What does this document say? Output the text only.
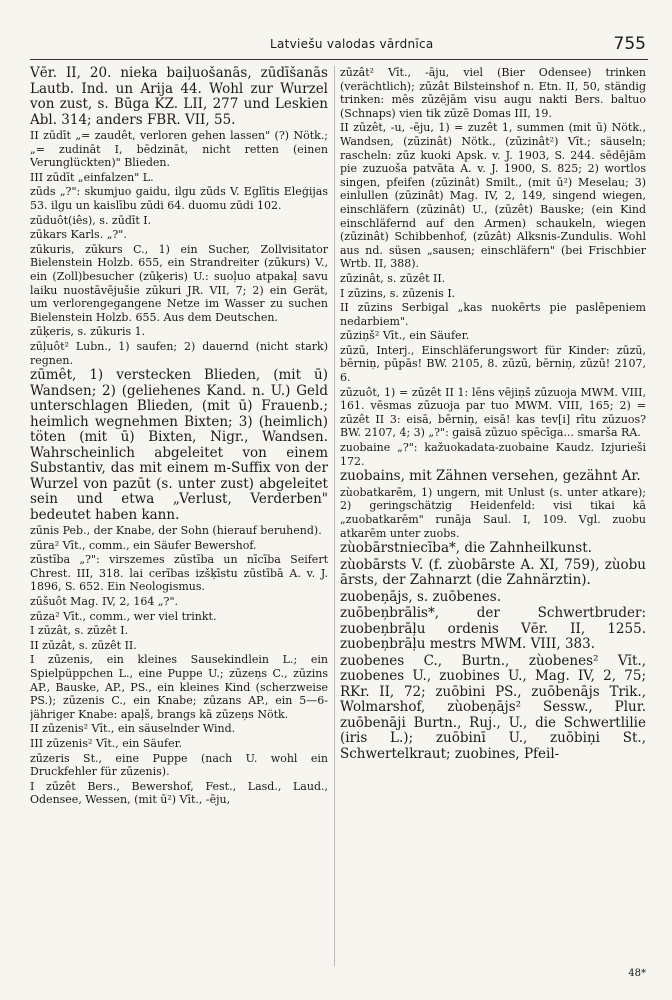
Latviešu valodas vārdnīca	755

Vēr. II, 20. nieka baiļuošanās, zūdīšanās Lautb. Ind. un Arija 44. Wohl zur Wurzel von zust, s. Būga KZ. LII, 277 und Leskien Abl. 314; anders FBR. VII, 55.

II zūdīt „= zaudêt, verloren gehen lassen" (?) Nötk.; „= zudināt I, bēdzināt, nicht retten (einen Verunglückten)" Blieden.

III zūdīt „einfalzen" L.

zūds „?": skumjuo gaidu, ilgu zūds V. Eglītis Eleģijas 53. ilgu un kaislību zūdi 64. duomu zūdi 102.

zūduôt(iês), s. zūdīt I.

zūkars Karls. „?".

zūkuris, zūkurs C., 1) ein Sucher, Zollvisitator Bielenstein Holzb. 655, ein Strandreiter (zūkurs) V., ein (Zoll)besucher (zūķeris) U.: suoļuo atpakaļ savu laiku nuostāvējušie zūkuri JR. VII, 7; 2) ein Gerät, um verlorengegangene Netze im Wasser zu suchen Bielenstein Holzb. 655. Aus dem Deutschen.

zūķeris, s. zūkuris 1.

zūļuôt² Lubn., 1) saufen; 2) dauernd (nicht stark) regnen.

zūmêt, 1) verstecken Blieden, (mit ū) Wandsen; 2) (geliehenes Kand. n. U.) Geld unterschlagen Blieden, (mit ū) Frauenb.; heimlich wegnehmen Bixten; 3) (heimlich) töten (mit ū) Bixten, Nigr., Wandsen. Wahrscheinlich abgeleitet von einem Substantiv, das mit einem m-Suffix von der Wurzel von pazūt (s. unter zust) abgeleitet sein und etwa „Verlust, Verderben" bedeutet haben kann.

zūnis Peb., der Knabe, der Sohn (hierauf beruhend).

zūra² Vīt., comm., ein Säufer Bewershof.

zūstība „?": virszemes zūstība un nīcība Seifert Chrest. III, 318. lai cerības izšķīstu zūstībā A. v. J. 1896, S. 652. Ein Neologismus.

zūšuôt Mag. IV, 2, 164 „?".

zūza² Vīt., comm., wer viel trinkt.

I zūzât, s. zūzêt I.

II zūzât, s. zūzêt II.

I zūzenis, ein kleines Sausekindlein L.; ein Spielpüppchen L., eine Puppe U.; zūzeņs C., zūzins AP., Bauske, AP., PS., ein kleines Kind (scherzweise PS.); zūzenis C., ein Knabe; zūzans AP., ein 5—6-jähriger Knabe: apaļš, brangs kā zūzeņs Nötk.

II zūzenis² Vīt., ein säuselnder Wind.

III zūzenis² Vīt., ein Säufer.

zūzeris St., eine Puppe (nach U. wohl ein Druckfehler für zūzenis).

I zūzêt Bers., Bewershof, Fest., Lasd., Laud., Odensee, Wessen, (mit ū²) Vīt., -ēju,

zūzât² Vīt., -āju, viel (Bier Odensee) trinken (verächtlich); zūzât Bilsteinshof n. Etn. II, 50, ständig trinken: mēs zūzējām visu augu nakti Bers. baltuo (Schnaps) vien tik zūzē Domas III, 19.

II zūzêt, -u, -ēju, 1) = zuzêt 1, summen (mit ū) Nötk., Wandsen, (zūzinât) Nötk., (zūzinât²) Vīt.; säuseln; rascheln: zūz kuoki Apsk. v. J. 1903, S. 244. sēdējām pie zuzuoša patvāta A. v. J. 1900, S. 825; 2) wortlos singen, pfeifen (zūzinât) Smilt., (mit ū²) Meselau; 3) einlullen (zūzinât) Mag. IV, 2, 149, singend wiegen, einschläfern (zūzinât) U., (zūzêt) Bauske; (ein Kind einschläfernd auf den Armen) schaukeln, wiegen (zūzinât) Schibbenhof, (zūzât) Alksnis-Zundulis. Wohl aus nd. süsen „sausen; einschläfern" (bei Frischbier Wrtb. II, 388).

zūzinât, s. zūzêt II.

I zūzins, s. zūzenis I.

II zūzins Serbigal „kas nuokērts pie paslēpeniem nedarbiem".

zūziņš² Vīt., ein Säufer.

zūzū, Interj., Einschläferungswort für Kinder: zūzū, bērniņ, pūpās! BW. 2105, 8. zūzū, bērniņ, zūzū! 2107, 6.

zūzuôt, 1) = zūzêt II 1: lēns vējiņš zūzuoja MWM. VIII, 161. vēsmas zūzuoja par tuo MWM. VIII, 165; 2) = zūzêt II 3: eisā, bērniņ, eisā! kas tev[i] rītu zūzuos? BW. 2107, 4; 3) „?": gaisā zūzuo spēcīga... smarša RA.

zuobaine „?": kažuokadata-zuobaine Kaudz. Izjurieši 172.

zuobains, mit Zähnen versehen, gezähnt Ar.

zùobatkarēm, 1) ungern, mit Unlust (s. unter atkare); 2) geringschätzig Heidenfeld: visi tikai kā „zuobatkarēm" runāja Saul. I, 109. Vgl. zuobu atkarēm unter zuobs.

zùobārstniecība*, die Zahnheilkunst.

zùobārsts V. (f. zùobārste A. XI, 759), zùobu ārsts, der Zahnarzt (die Zahnärztin).

zuobeņājs, s. zuōbenes.

zuōbeņbrālis*, der Schwertbruder: zuobeņbrāļu ordenis Vēr. II, 1255. zuobeņbrāļu mestrs MWM. VIII, 383.

zuobenes C., Burtn., zùobenes² Vīt., zuobenes U., zuobines U., Mag. IV, 2, 75; RKr. II, 72; zuōbini PS., zuōbenājs Trik., Wolmarshof, zùobeņājs² Sessw., Plur. zuōbenāji Burtn., Ruj., U., die Schwertlilie (iris L.); zuōbinī U., zuōbiņi St., Schwertelkraut; zuobines, Pfeil-

48*
